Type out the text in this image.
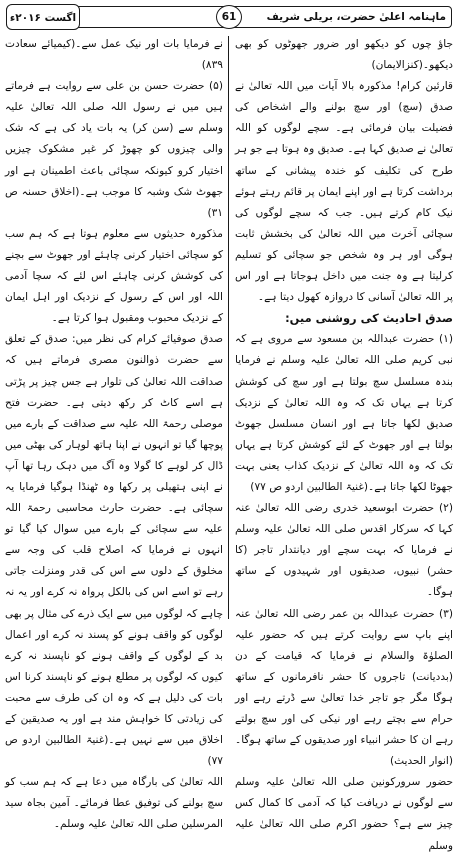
ماہنامہ اعلیٰ حضرت، بریلی شریف
61
اگست ۲۰۱۶ء

جاؤ چوں کو دیکھو اور ضرور جھوٹوں کو بھی دیکھو۔(کنزالایمان)

قارئین کرام! مذکورہ بالا آیات میں اللہ تعالیٰ نے صدق (سچ) اور سچ بولنے والے اشخاص کی فضیلت بیان فرمائی ہے۔ سچے لوگوں کو اللہ تعالیٰ نے صدیق کہا ہے۔ صدیق وہ ہوتا ہے جو ہر طرح کی تکلیف کو خندہ پیشانی کے ساتھ برداشت کرتا ہے اور اپنے ایمان پر قائم رہتے ہوئے نیک کام کرتے ہیں۔ جب کہ سچے لوگوں کی سچائی آخرت میں اللہ تعالیٰ کی بخشش ثابت ہوگی اور ہر وہ شخص جو سچائی کو تسلیم کرلیتا ہے وہ جنت میں داخل ہوجاتا ہے اور اس پر اللہ تعالیٰ آسانی کا دروازہ کھول دیتا ہے۔

صدق احادیث کی روشنی میں:

(۱) حضرت عبداللہ بن مسعود سے مروی ہے کہ نبی کریم صلی اللہ تعالیٰ علیہ وسلم نے فرمایا بندہ مسلسل سچ بولتا ہے اور سچ کی کوشش کرتا ہے یہاں تک کہ وہ اللہ تعالیٰ کے نزدیک صدیق لکھا جاتا ہے اور انسان مسلسل جھوٹ بولتا ہے اور جھوٹ کے لئے کوشش کرتا ہے یہاں تک کہ وہ اللہ تعالیٰ کے نزدیک کذاب یعنی بہت جھوٹا لکھا جاتا ہے۔(غنیۃ الطالبین اردو ص ۷۷)

(۲) حضرت ابوسعید خدری رضی اللہ تعالیٰ عنہ کہا کہ سرکار اقدس صلی اللہ تعالیٰ علیہ وسلم نے فرمایا کہ بہت سچے اور دیانتدار تاجر (کا حشر) نبیوں، صدیقوں اور شہیدوں کے ساتھ ہوگا۔

(۳) حضرت عبداللہ بن عمر رضی اللہ تعالیٰ عنہ اپنے باپ سے روایت کرتے ہیں کہ حضور علیہ الصلوٰۃ والسلام نے فرمایا کہ قیامت کے دن (بددیانت) تاجروں کا حشر نافرمانوں کے ساتھ ہوگا مگر جو تاجر خدا تعالیٰ سے ڈرتے رہے اور حرام سے بچتے رہے اور نیکی کی اور سچ بولتے رہے ان کا حشر انبیاء اور صدیقوں کے ساتھ ہوگا۔(انوار الحدیث)

حضور سرورکونین صلی اللہ تعالیٰ علیہ وسلم سے لوگوں نے دریافت کیا کہ آدمی کا کمال کس چیز سے ہے؟ حضور اکرم صلی اللہ تعالیٰ علیہ وسلم

نے فرمایا بات اور نیک عمل سے۔(کیمیائے سعادت ۸۳۹)

(۵) حضرت حسن بن علی سے روایت ہے فرماتے ہیں میں نے رسول اللہ صلی اللہ تعالیٰ علیہ وسلم سے (سن کر) یہ بات یاد کی ہے کہ شک والی چیزوں کو چھوڑ کر غیر مشکوک چیزیں اختیار کرو کیونکہ سچائی باعث اطمینان ہے اور جھوٹ شک وشبہ کا موجب ہے۔(اخلاق حسنہ ص ۳۱)

مذکورہ حدیثوں سے معلوم ہوتا ہے کہ ہم سب کو سچائی اختیار کرنی چاہئے اور جھوٹ سے بچنے کی کوشش کرنی چاہئے اس لئے کہ سچا آدمی اللہ اور اس کے رسول کے نزدیک اور اہل ایمان کے نزدیک محبوب ومقبول ہوا کرتا ہے۔

صدق صوفیائے کرام کی نظر میں: صدق کے تعلق سے حضرت ذوالنون مصری فرماتے ہیں کہ صداقت اللہ تعالیٰ کی تلوار ہے جس چیز پر پڑتی ہے اسے کاٹ کر رکھ دیتی ہے۔ حضرت فتح موصلی رحمۃ اللہ علیہ سے صداقت کے بارے میں پوچھا گیا تو انہوں نے اپنا ہاتھ لوہار کی بھٹی میں ڈال کر لوہے کا گولا وہ آگ میں دہک رہا تھا آپ نے اپنی ہتھیلی پر رکھا وہ ٹھنڈا ہوگیا فرمایا یہ سچائی ہے۔ حضرت حارث محاسبی رحمۃ اللہ علیہ سے سچائی کے بارے میں سوال کیا گیا تو انہوں نے فرمایا کہ اصلاح قلب کی وجہ سے مخلوق کے دلوں سے اس کی قدر ومنزلت جاتی رہے تو اسے اس کی بالکل پرواہ نہ کرے اور یہ نہ چاہے کہ لوگوں میں سے ایک ذرے کی مثال پر بھی لوگوں کو واقف ہونے کو پسند نہ کرے اور اعمال بد کے لوگوں کے واقف ہونے کو ناپسند نہ کرے کیوں کہ لوگوں پر مطلع ہونے کو ناپسند کرنا اس بات کی دلیل ہے کہ وہ ان کی طرف سے محبت کی زیادتی کا خواہش مند ہے اور یہ صدیقین کے اخلاق میں سے نہیں ہے۔(غنیۃ الطالبین اردو ص ۷۷)

اللہ تعالیٰ کی بارگاہ میں دعا ہے کہ ہم سب کو سچ بولنے کی توفیق عطا فرمائے۔ آمین بجاہ سید المرسلین صلی اللہ تعالیٰ علیہ وسلم۔
